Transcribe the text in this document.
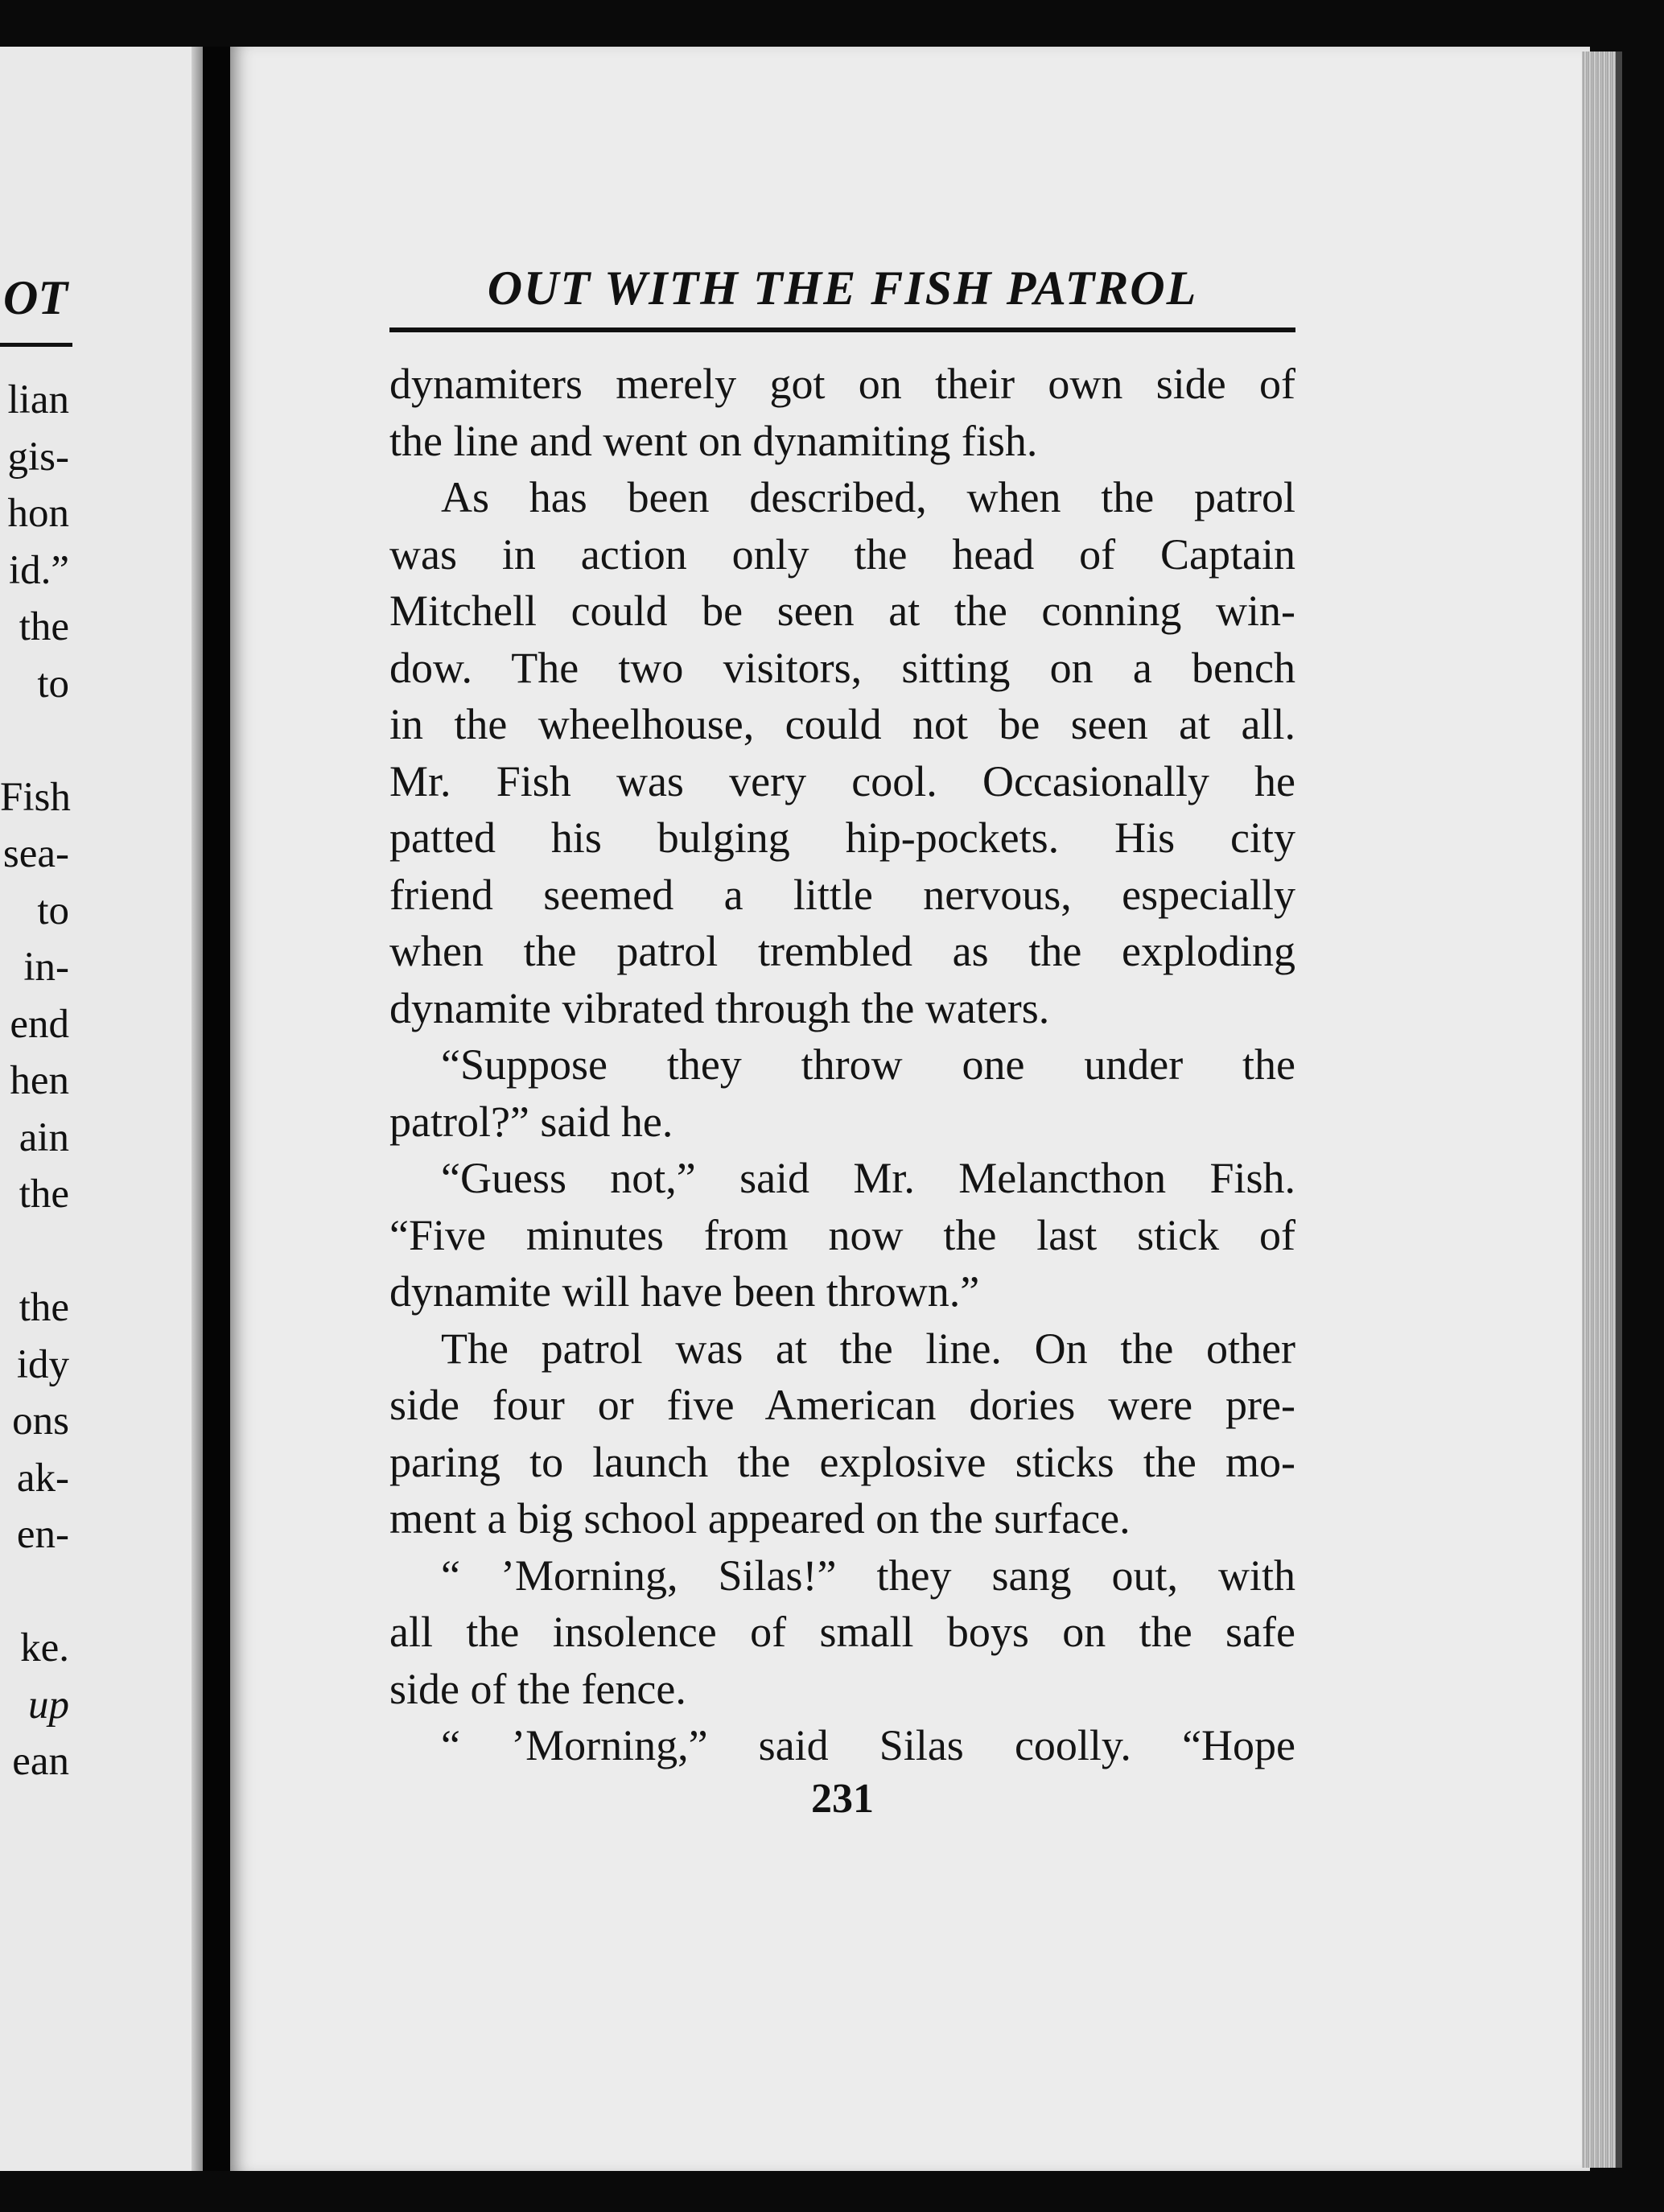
OT
lian
gis-
hon
id.”
the
to
Fish
sea-
to
in-
end
hen
ain
the
the
idy
ons
ak-
en-
ke.
up
ean
OUT WITH THE FISH PATROL
dynamiters merely got on their own side of
the line and went on dynamiting fish.
As has been described, when the patrol
was in action only the head of Captain
Mitchell could be seen at the conning win-
dow. The two visitors, sitting on a bench
in the wheelhouse, could not be seen at all.
Mr. Fish was very cool. Occasionally he
patted his bulging hip-pockets. His city
friend seemed a little nervous, especially
when the patrol trembled as the exploding
dynamite vibrated through the waters.
“Suppose they throw one under the
patrol?” said he.
“Guess not,” said Mr. Melancthon Fish.
“Five minutes from now the last stick of
dynamite will have been thrown.”
The patrol was at the line. On the other
side four or five American dories were pre-
paring to launch the explosive sticks the mo-
ment a big school appeared on the surface.
“ ’Morning, Silas!” they sang out, with
all the insolence of small boys on the safe
side of the fence.
“ ’Morning,” said Silas coolly. “Hope
231
